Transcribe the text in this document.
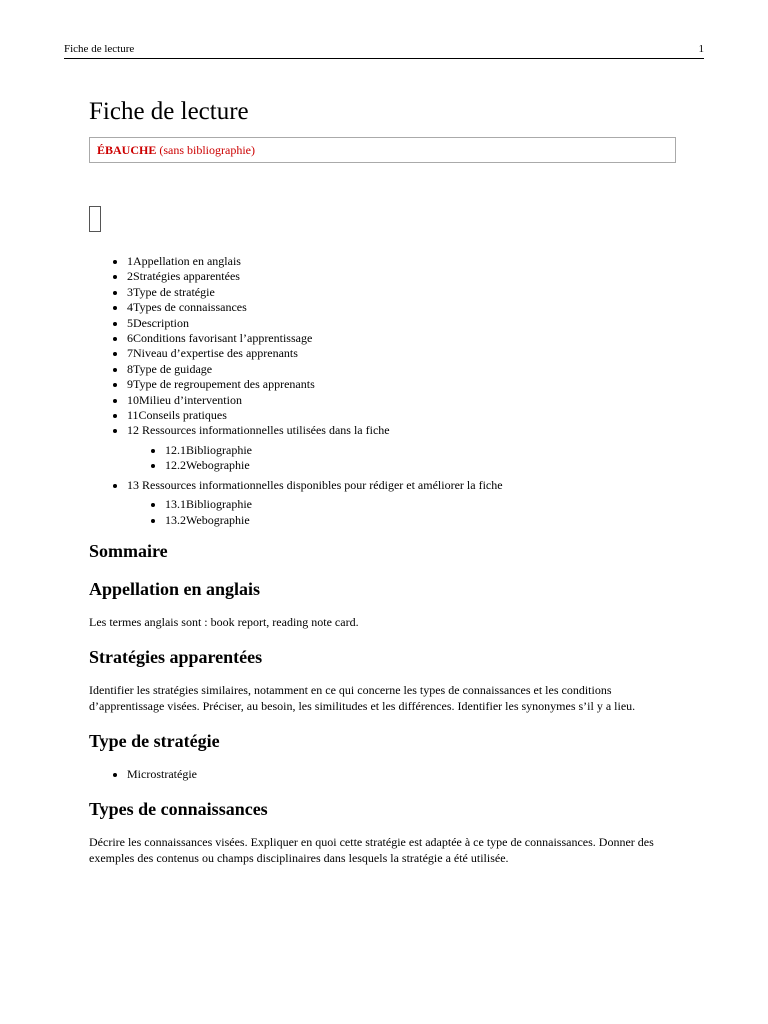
Fiche de lecture	1
Fiche de lecture
ÉBAUCHE (sans bibliographie)
• 1Appellation en anglais
• 2Stratégies apparentées
• 3Type de stratégie
• 4Types de connaissances
• 5Description
• 6Conditions favorisant l’apprentissage
• 7Niveau d’expertise des apprenants
• 8Type de guidage
• 9Type de regroupement des apprenants
• 10Milieu d’intervention
• 11Conseils pratiques
• 12 Ressources informationnelles utilisées dans la fiche
• 12.1Bibliographie
• 12.2Webographie
• 13 Ressources informationnelles disponibles pour rédiger et améliorer la fiche
• 13.1Bibliographie
• 13.2Webographie
Sommaire
Appellation en anglais

Les termes anglais sont : book report, reading note card.

Stratégies apparentées

Identifier les stratégies similaires, notamment en ce qui concerne les types de connaissances et les conditions d’apprentissage visées. Préciser, au besoin, les similitudes et les différences. Identifier les synonymes s’il y a lieu.

Type de stratégie
• Microstratégie
Types de connaissances

Décrire les connaissances visées. Expliquer en quoi cette stratégie est adaptée à ce type de connaissances. Donner des exemples des contenus ou champs disciplinaires dans lesquels la stratégie a été utilisée.
